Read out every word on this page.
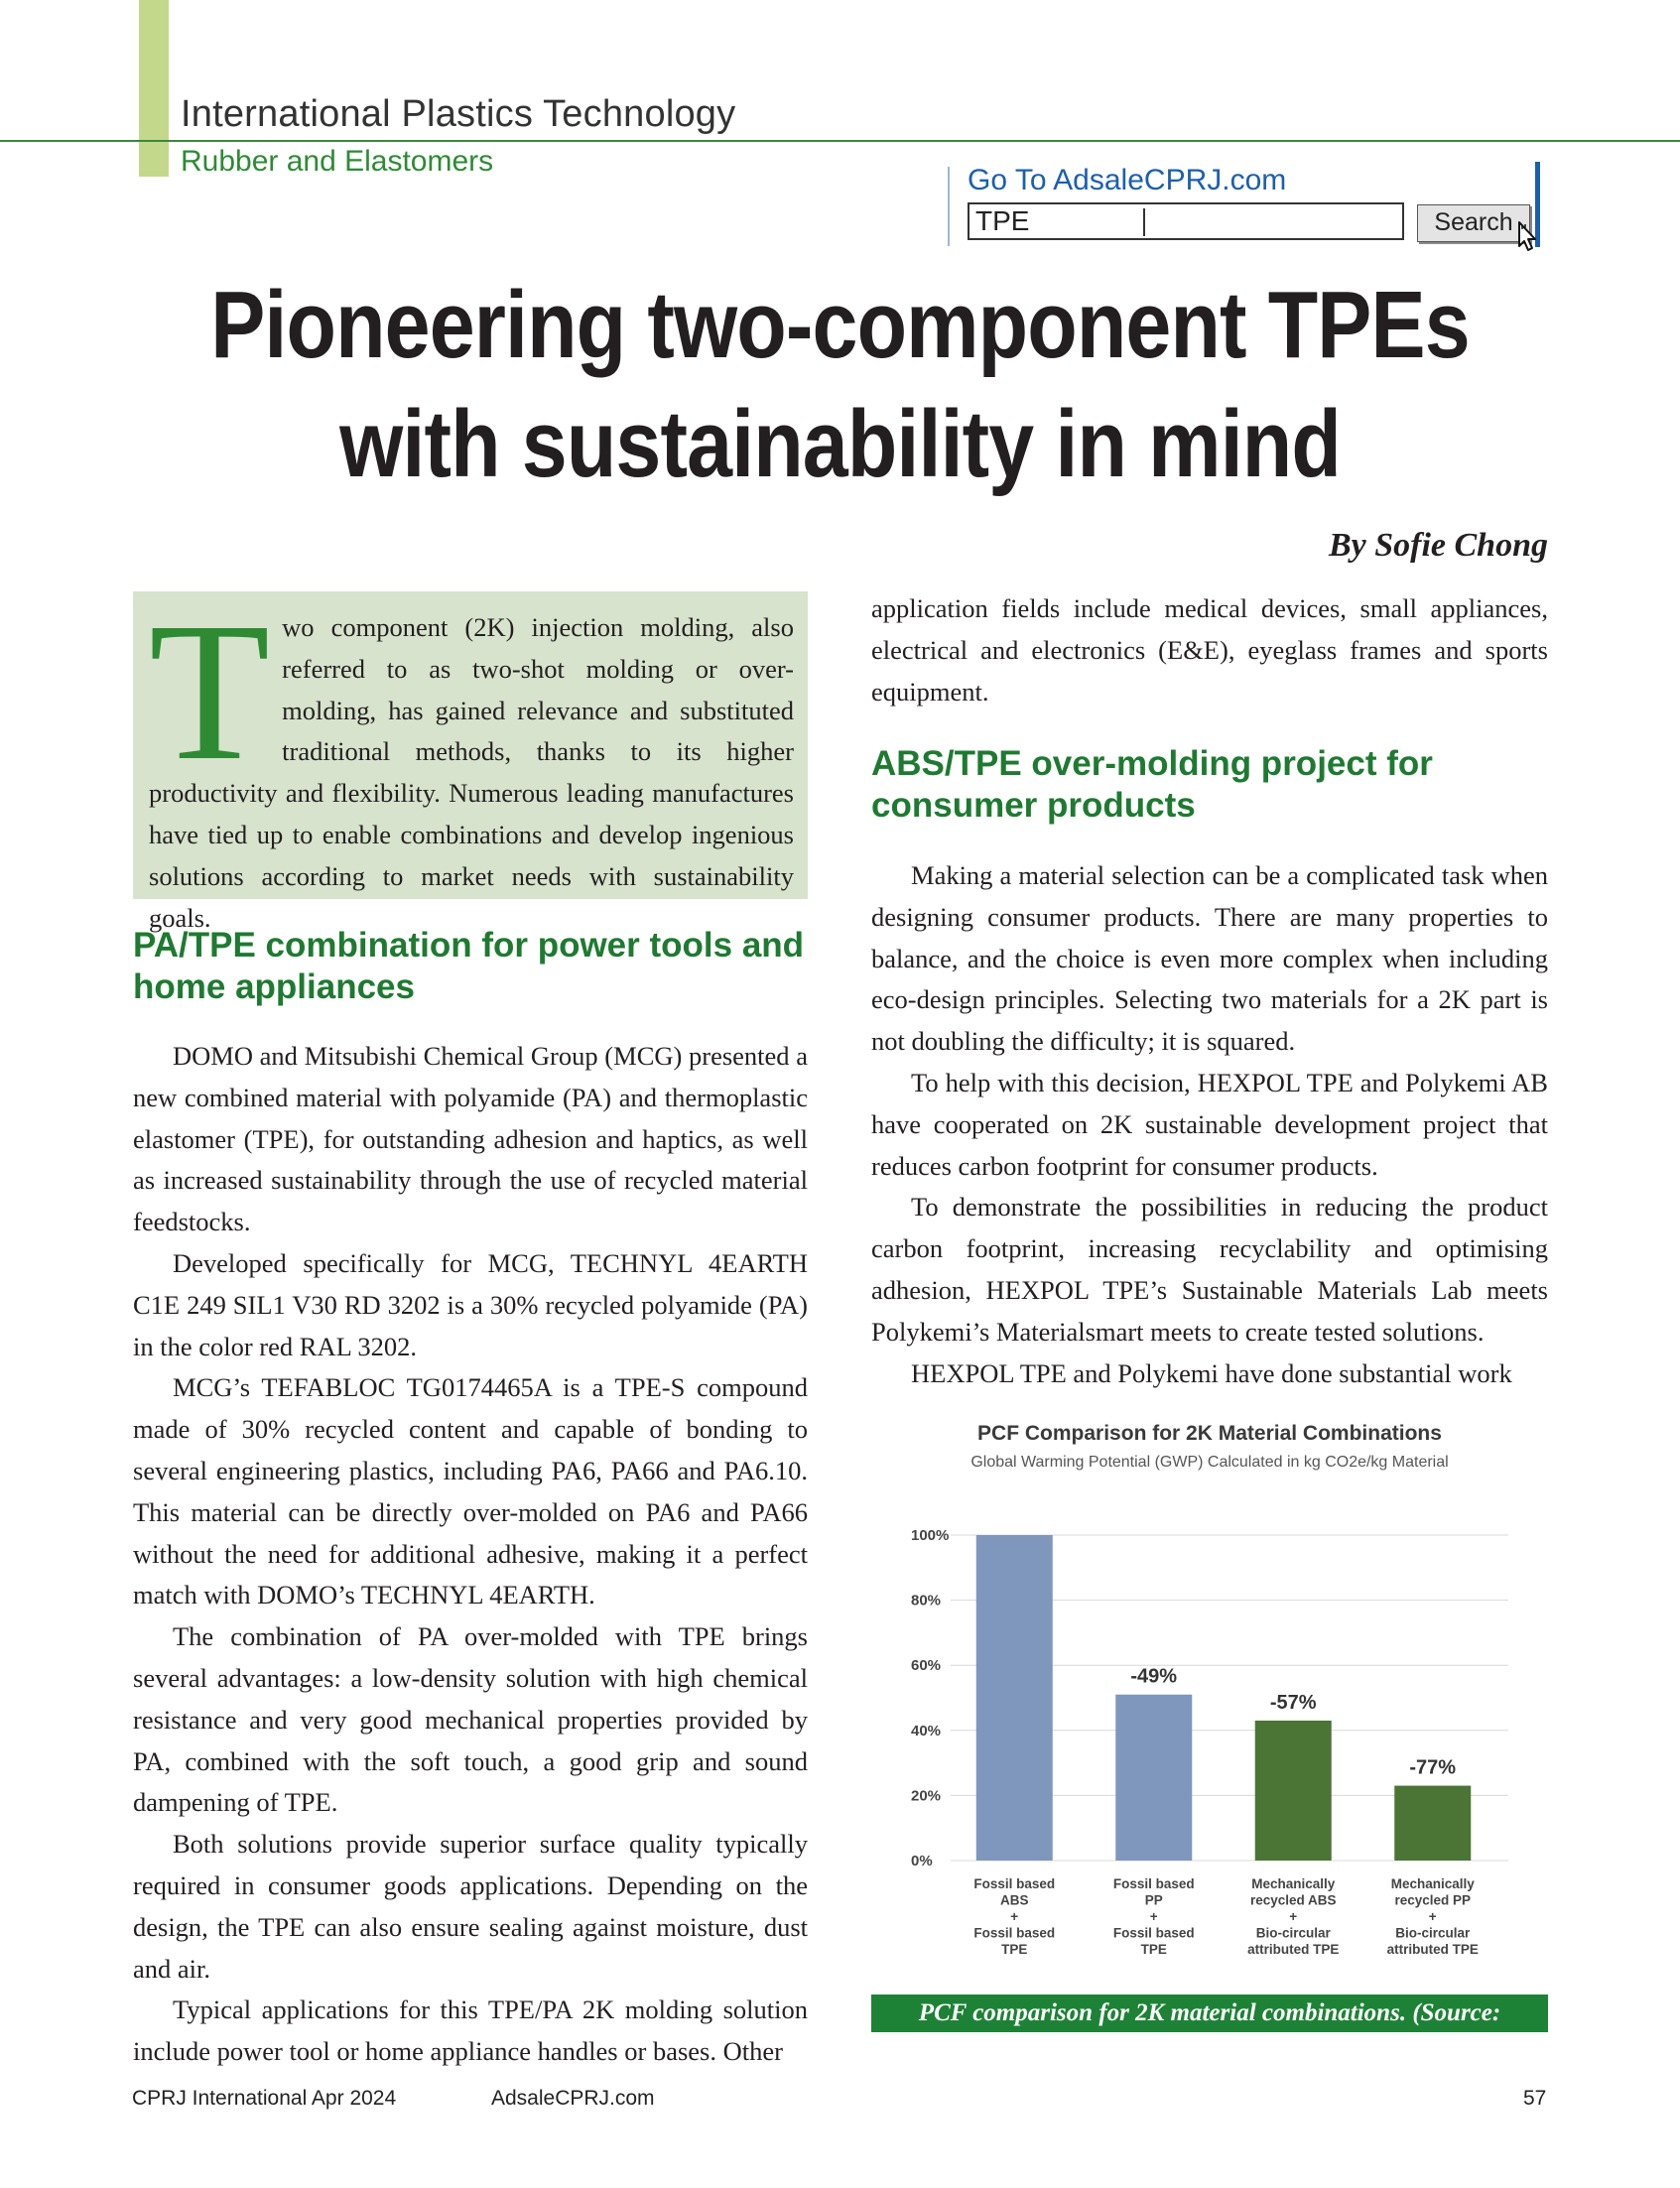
International Plastics Technology
Rubber and Elastomers
Go To AdsaleCPRJ.com
TPE	Search
Pioneering two-component TPEs
with sustainability in mind
By Sofie Chong

Two component (2K) injection molding, also referred to as two-shot molding or over-molding, has gained relevance and substituted traditional methods, thanks to its higher productivity and flexibility. Numerous leading manufactures have tied up to enable combinations and develop ingenious solutions according to market needs with sustainability goals.

PA/TPE combination for power tools and home appliances

DOMO and Mitsubishi Chemical Group (MCG) presented a new combined material with polyamide (PA) and thermoplastic elastomer (TPE), for outstanding adhesion and haptics, as well as increased sustainability through the use of recycled material feedstocks.

Developed specifically for MCG, TECHNYL 4EARTH C1E 249 SIL1 V30 RD 3202 is a 30% recycled polyamide (PA) in the color red RAL 3202.

MCG’s TEFABLOC TG0174465A is a TPE-S compound made of 30% recycled content and capable of bonding to several engineering plastics, including PA6, PA66 and PA6.10. This material can be directly over-molded on PA6 and PA66 without the need for additional adhesive, making it a perfect match with DOMO’s TECHNYL 4EARTH.

The combination of PA over-molded with TPE brings several advantages: a low-density solution with high chemical resistance and very good mechanical properties provided by PA, combined with the soft touch, a good grip and sound dampening of TPE.

Both solutions provide superior surface quality typically required in consumer goods applications. Depending on the design, the TPE can also ensure sealing against moisture, dust and air.

Typical applications for this TPE/PA 2K molding solution include power tool or home appliance handles or bases. Other

application fields include medical devices, small appliances, electrical and electronics (E&E), eyeglass frames and sports equipment.

ABS/TPE over-molding project for consumer products

Making a material selection can be a complicated task when designing consumer products. There are many properties to balance, and the choice is even more complex when including eco-design principles. Selecting two materials for a 2K part is not doubling the difficulty; it is squared.

To help with this decision, HEXPOL TPE and Polykemi AB have cooperated on 2K sustainable development project that reduces carbon footprint for consumer products.

To demonstrate the possibilities in reducing the product carbon footprint, increasing recyclability and optimising adhesion, HEXPOL TPE’s Sustainable Materials Lab meets Polykemi’s Materialsmart meets to create tested solutions.

HEXPOL TPE and Polykemi have done substantial work

PCF Comparison for 2K Material Combinations
Global Warming Potential (GWP) Calculated in kg CO2e/kg Material
0%
20%
40%
60%
80%
100%
-49%
-57%
-77%
Fossil based
ABS
+
Fossil based
TPE
Fossil based
PP
+
Fossil based
TPE
Mechanically
recycled ABS
+
Bio-circular
attributed TPE
Mechanically
recycled PP
+
Bio-circular
attributed TPE
PCF comparison for 2K material combinations. (Source: HEXPOL TPE)
CPRJ International Apr 2024	AdsaleCPRJ.com	57
